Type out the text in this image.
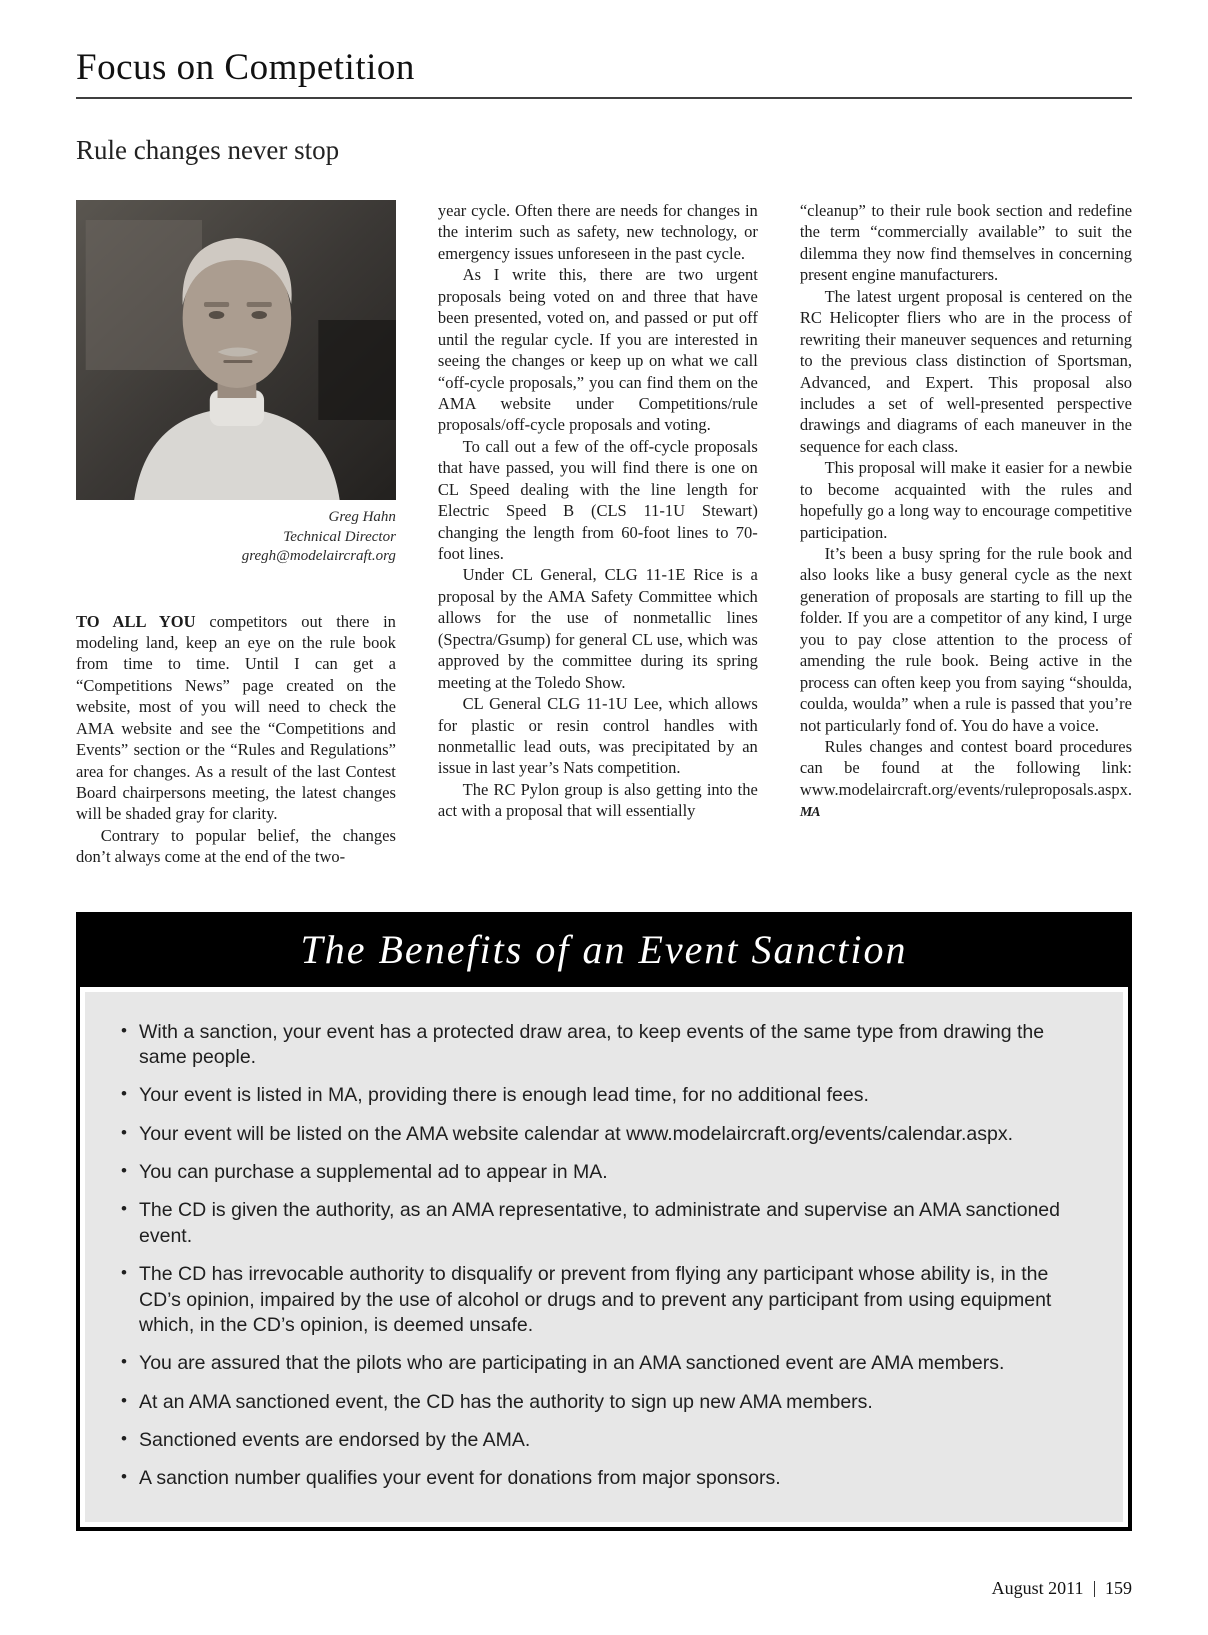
Focus on Competition
Rule changes never stop
Greg Hahn
Technical Director
gregh@modelaircraft.org

TO ALL YOU competitors out there in modeling land, keep an eye on the rule book from time to time. Until I can get a “Competitions News” page created on the website, most of you will need to check the AMA website and see the “Competitions and Events” section or the “Rules and Regulations” area for changes. As a result of the last Contest Board chairpersons meeting, the latest changes will be shaded gray for clarity.

Contrary to popular belief, the changes don’t always come at the end of the two-

year cycle. Often there are needs for changes in the interim such as safety, new technology, or emergency issues unforeseen in the past cycle.

As I write this, there are two urgent proposals being voted on and three that have been presented, voted on, and passed or put off until the regular cycle. If you are interested in seeing the changes or keep up on what we call “off-cycle proposals,” you can find them on the AMA website under Competitions/rule proposals/off-cycle proposals and voting.

To call out a few of the off-cycle proposals that have passed, you will find there is one on CL Speed dealing with the line length for Electric Speed B (CLS 11-1U Stewart) changing the length from 60-foot lines to 70-foot lines.

Under CL General, CLG 11-1E Rice is a proposal by the AMA Safety Committee which allows for the use of nonmetallic lines (Spectra/Gsump) for general CL use, which was approved by the committee during its spring meeting at the Toledo Show.

CL General CLG 11-1U Lee, which allows for plastic or resin control handles with nonmetallic lead outs, was precipitated by an issue in last year’s Nats competition.

The RC Pylon group is also getting into the act with a proposal that will essentially

“cleanup” to their rule book section and redefine the term “commercially available” to suit the dilemma they now find themselves in concerning present engine manufacturers.

The latest urgent proposal is centered on the RC Helicopter fliers who are in the process of rewriting their maneuver sequences and returning to the previous class distinction of Sportsman, Advanced, and Expert. This proposal also includes a set of well-presented perspective drawings and diagrams of each maneuver in the sequence for each class.

This proposal will make it easier for a newbie to become acquainted with the rules and hopefully go a long way to encourage competitive participation.

It’s been a busy spring for the rule book and also looks like a busy general cycle as the next generation of proposals are starting to fill up the folder. If you are a competitor of any kind, I urge you to pay close attention to the process of amending the rule book. Being active in the process can often keep you from saying “shoulda, coulda, woulda” when a rule is passed that you’re not particularly fond of. You do have a voice.

Rules changes and contest board procedures can be found at the following link: www.modelaircraft.org/events/ruleproposals.aspx. MA

The Benefits of an Event Sanction
• With a sanction, your event has a protected draw area, to keep events of the same type from drawing the same people.
• Your event is listed in MA, providing there is enough lead time, for no additional fees.
• Your event will be listed on the AMA website calendar at www.modelaircraft.org/events/calendar.aspx.
• You can purchase a supplemental ad to appear in MA.
• The CD is given the authority, as an AMA representative, to administrate and supervise an AMA sanctioned event.
• The CD has irrevocable authority to disqualify or prevent from flying any participant whose ability is, in the CD’s opinion, impaired by the use of alcohol or drugs and to prevent any participant from using equipment which, in the CD’s opinion, is deemed unsafe.
• You are assured that the pilots who are participating in an AMA sanctioned event are AMA members.
• At an AMA sanctioned event, the CD has the authority to sign up new AMA members.
• Sanctioned events are endorsed by the AMA.
• A sanction number qualifies your event for donations from major sponsors.
August 2011 159
